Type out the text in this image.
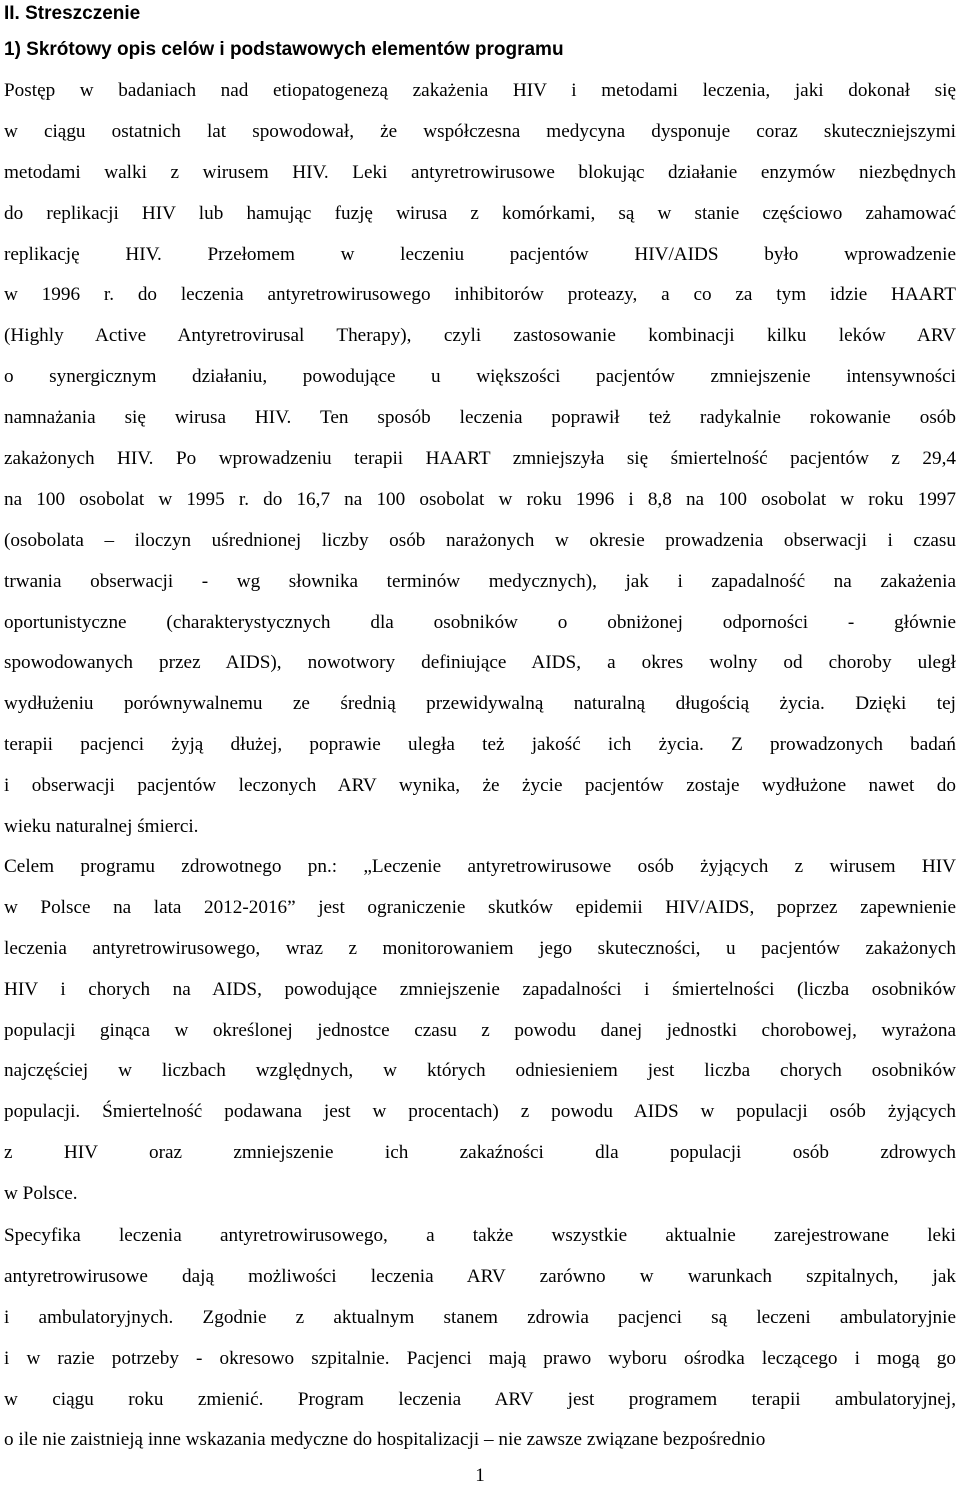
II. Streszczenie
1) Skrótowy opis celów i podstawowych elementów programu
Postęp w badaniach nad etiopatogenezą zakażenia HIV i metodami leczenia, jaki dokonał się
w ciągu ostatnich lat spowodował, że współczesna medycyna dysponuje coraz skuteczniejszymi
metodami walki z wirusem HIV. Leki antyretrowirusowe blokując działanie enzymów niezbędnych
do replikacji HIV lub hamując fuzję wirusa z komórkami, są w stanie częściowo zahamować
replikację HIV. Przełomem w leczeniu pacjentów HIV/AIDS było wprowadzenie
w 1996 r. do leczenia antyretrowirusowego inhibitorów proteazy, a co za tym idzie HAART
(Highly Active Antyretrovirusal Therapy), czyli zastosowanie kombinacji kilku leków ARV
o synergicznym działaniu, powodujące u większości pacjentów zmniejszenie intensywności
namnażania się wirusa HIV. Ten sposób leczenia poprawił też radykalnie rokowanie osób
zakażonych HIV. Po wprowadzeniu terapii HAART zmniejszyła się śmiertelność pacjentów z 29,4
na 100 osobolat w 1995 r. do 16,7 na 100 osobolat w roku 1996 i 8,8 na 100 osobolat w roku 1997
(osobolata – iloczyn uśrednionej liczby osób narażonych w okresie prowadzenia obserwacji i czasu
trwania obserwacji - wg słownika terminów medycznych), jak i zapadalność na zakażenia
oportunistyczne (charakterystycznych dla osobników o obniżonej odporności - głównie
spowodowanych przez AIDS), nowotwory definiujące AIDS, a okres wolny od choroby uległ
wydłużeniu porównywalnemu ze średnią przewidywalną naturalną długością życia. Dzięki tej
terapii pacjenci żyją dłużej, poprawie uległa też jakość ich życia. Z prowadzonych badań
i obserwacji pacjentów leczonych ARV wynika, że życie pacjentów zostaje wydłużone nawet do
wieku naturalnej śmierci.
Celem programu zdrowotnego pn.: „Leczenie antyretrowirusowe osób żyjących z wirusem HIV
w Polsce na lata 2012-2016” jest ograniczenie skutków epidemii HIV/AIDS, poprzez zapewnienie
leczenia antyretrowirusowego, wraz z monitorowaniem jego skuteczności, u pacjentów zakażonych
HIV i chorych na AIDS, powodujące zmniejszenie zapadalności i śmiertelności (liczba osobników
populacji ginąca w określonej jednostce czasu z powodu danej jednostki chorobowej, wyrażona
najczęściej w liczbach względnych, w których odniesieniem jest liczba chorych osobników
populacji. Śmiertelność podawana jest w procentach) z powodu AIDS w populacji osób żyjących
z HIV oraz zmniejszenie ich zakaźności dla populacji osób zdrowych
w Polsce.
Specyfika leczenia antyretrowirusowego, a także wszystkie aktualnie zarejestrowane leki
antyretrowirusowe dają możliwości leczenia ARV zarówno w warunkach szpitalnych, jak
i ambulatoryjnych. Zgodnie z aktualnym stanem zdrowia pacjenci są leczeni ambulatoryjnie
i w razie potrzeby - okresowo szpitalnie. Pacjenci mają prawo wyboru ośrodka leczącego i mogą go
w ciągu roku zmienić. Program leczenia ARV jest programem terapii ambulatoryjnej,
o ile nie zaistnieją inne wskazania medyczne do hospitalizacji – nie zawsze związane bezpośrednio
1
